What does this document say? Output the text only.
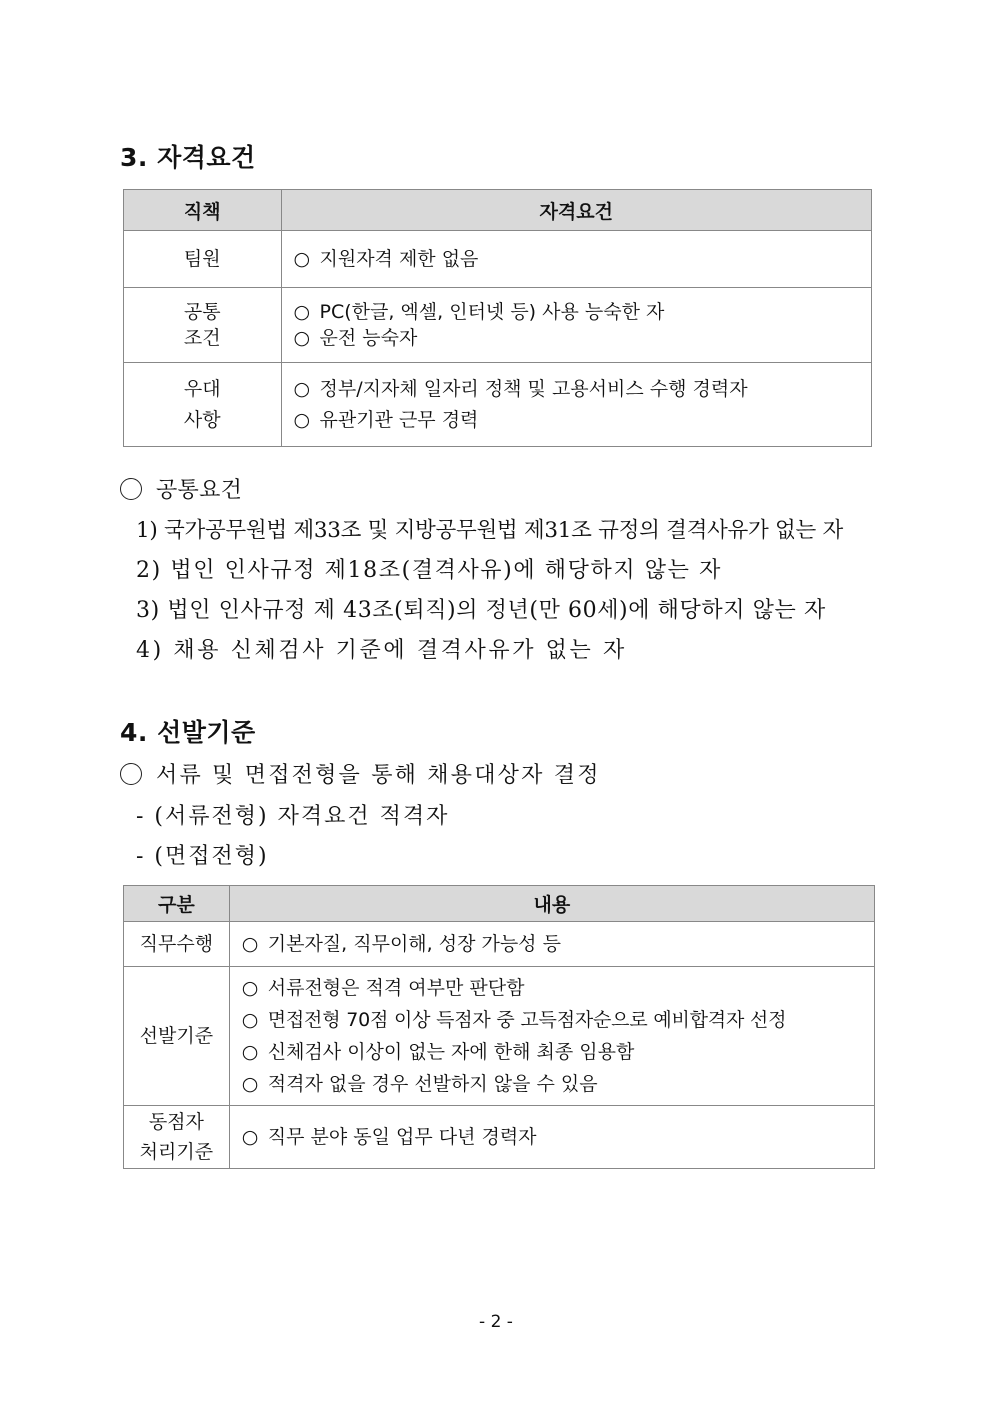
3. 자격요건
직책	자격요건

팀원	○ 지원자격 제한 없음

공통
조건	○ PC(한글, 엑셀, 인터넷 등) 사용 능숙한 자
○ 운전 능숙자

우대
사항	○ 정부/지자체 일자리 정책 및 고용서비스 수행 경력자
○ 유관기관 근무 경력
공통요건
1) 국가공무원법 제33조 및 지방공무원법 제31조 규정의 결격사유가 없는 자
2) 법인 인사규정 제18조(결격사유)에 해당하지 않는 자
3) 법인 인사규정 제 43조(퇴직)의 정년(만 60세)에 해당하지 않는 자
4) 채용 신체검사 기준에 결격사유가 없는 자
4. 선발기준
서류 및 면접전형을 통해 채용대상자 결정
- (서류전형) 자격요건 적격자
- (면접전형)
구분	내용

직무수행	○ 기본자질, 직무이해, 성장 가능성 등

선발기준	○ 서류전형은 적격 여부만 판단함
○ 면접전형 70점 이상 득점자 중 고득점자순으로 예비합격자 선정
○ 신체검사 이상이 없는 자에 한해 최종 임용함
○ 적격자 없을 경우 선발하지 않을 수 있음

동점자
처리기준	○ 직무 분야 동일 업무 다년 경력자
- 2 -
